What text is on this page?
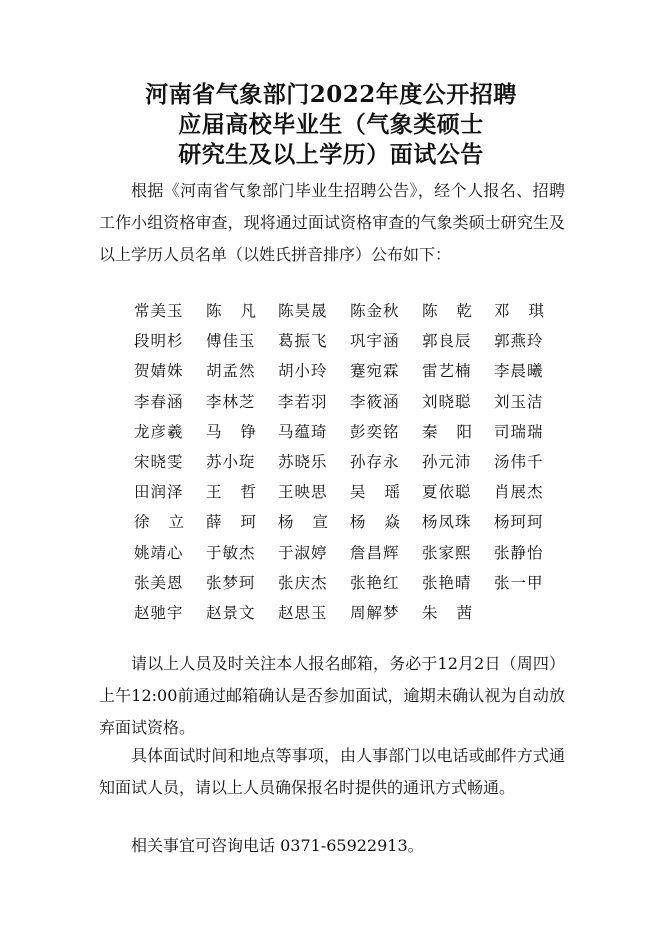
河南省气象部门2022年度公开招聘
应届高校毕业生（气象类硕士
研究生及以上学历）面试公告

根据《河南省气象部门毕业生招聘公告》，经个人报名、招聘工作小组资格审查，现将通过面试资格审查的气象类硕士研究生及以上学历人员名单（以姓氏拼音排序）公布如下：

常美玉 陈 凡 陈昊晟 陈金秋 陈 乾 邓 琪
段明杉 傅佳玉 葛振飞 巩宇涵 郭良辰 郭燕玲
贺婧姝 胡孟然 胡小玲 蹇宛霖 雷艺楠 李晨曦
李春涵 李林芝 李若羽 李筱涵 刘晓聪 刘玉洁
龙彦羲 马 铮 马蕴琦 彭奕铭 秦 阳 司瑞瑞
宋晓雯 苏小琁 苏晓乐 孙存永 孙元沛 汤伟千
田润泽 王 哲 王映思 吴 瑶 夏依聪 肖展杰
徐 立 薛 珂 杨 宣 杨 焱 杨凤珠 杨珂珂
姚靖心 于敏杰 于淑婷 詹昌辉 张家熙 张静怡
张美恩 张梦珂 张庆杰 张艳红 张艳晴 张一甲
赵驰宇 赵景文 赵思玉 周解梦 朱 茜

请以上人员及时关注本人报名邮箱，务必于12月2日（周四）上午12:00前通过邮箱确认是否参加面试，逾期未确认视为自动放弃面试资格。

具体面试时间和地点等事项，由人事部门以电话或邮件方式通知面试人员，请以上人员确保报名时提供的通讯方式畅通。

相关事宜可咨询电话 0371-65922913。
